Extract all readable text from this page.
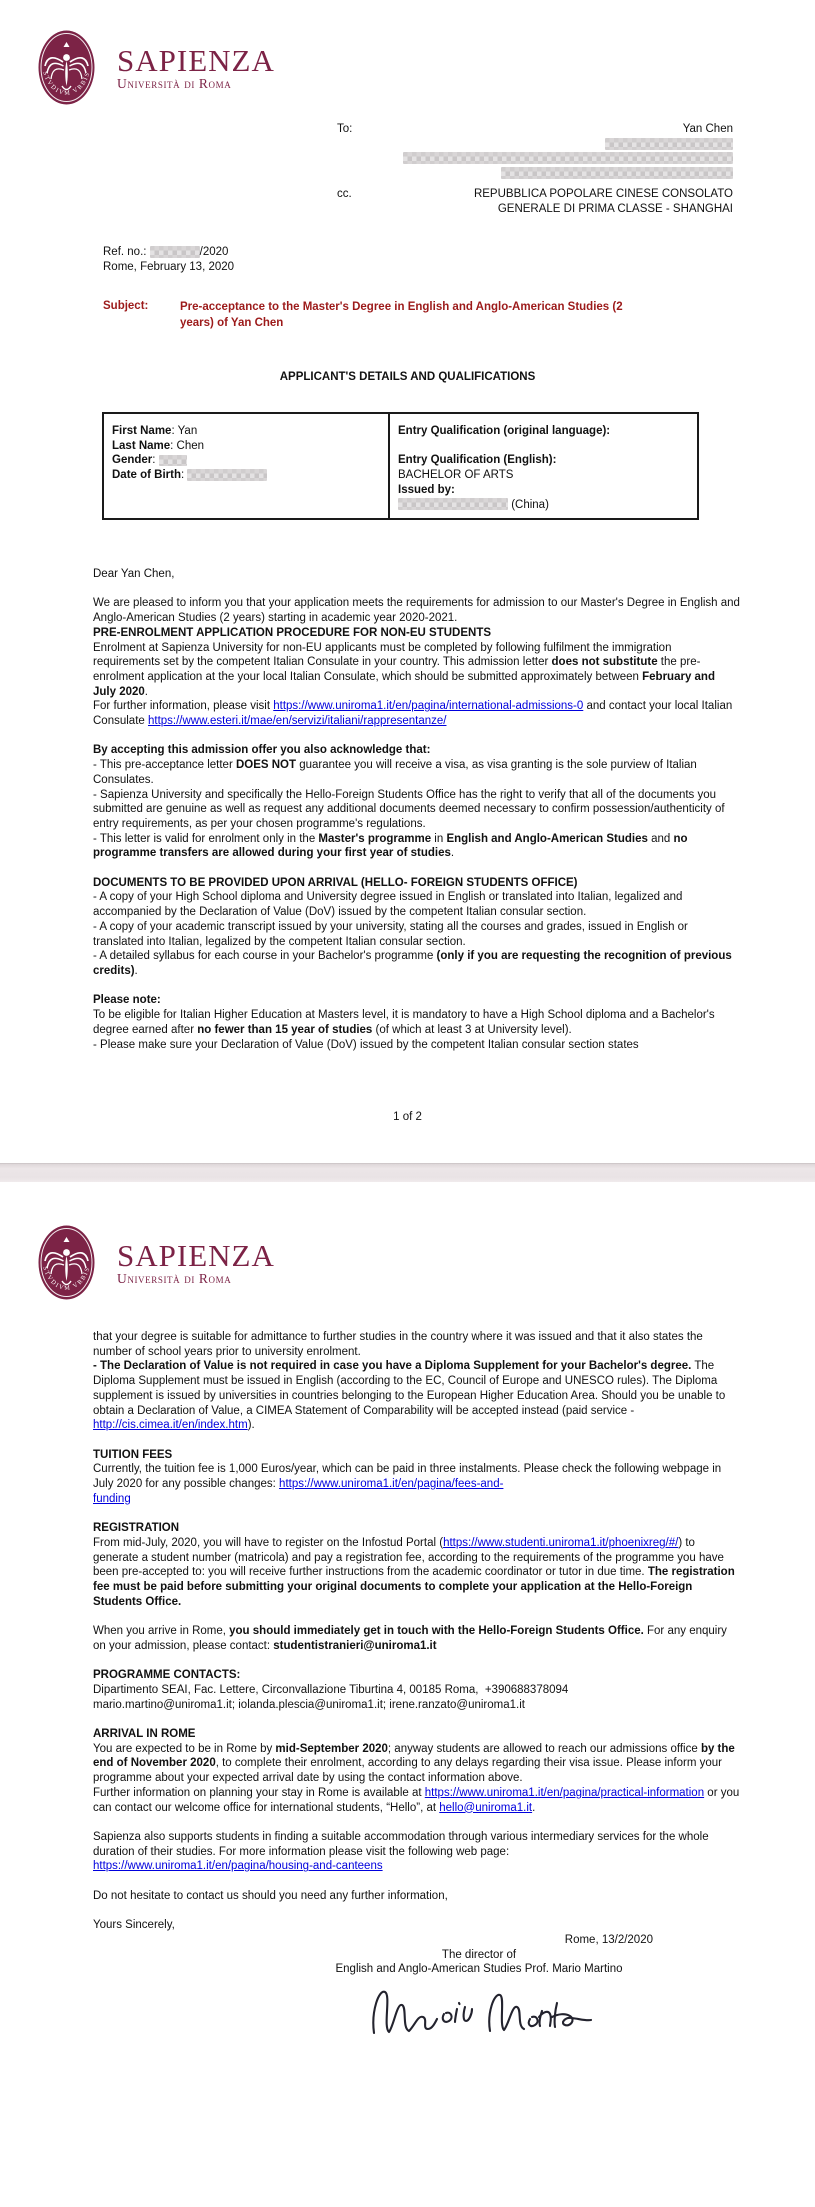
STVDIVM VRBIS SAPIENZA
Università di Roma
To:	Yan Chen

cc.	REPUBBLICA POPOLARE CINESE CONSOLATO

GENERALE DI PRIMA CLASSE - SHANGHAI

Ref. no.:	/2020

Rome, February 13, 2020

Subject:	Pre-acceptance to the Master's Degree in English and Anglo-American Studies (2 years) of Yan Chen
APPLICANT'S DETAILS AND QUALIFICATIONS

First Name: Yan

Last Name: Chen

Gender:

Date of Birth:

Entry Qualification (original language):

Entry Qualification (English):

BACHELOR OF ARTS

Issued by:

(China)

Dear Yan Chen,

We are pleased to inform you that your application meets the requirements for admission to our Master's Degree in English and Anglo-American Studies (2 years) starting in academic year 2020-2021.

PRE-ENROLMENT APPLICATION PROCEDURE FOR NON-EU STUDENTS

Enrolment at Sapienza University for non-EU applicants must be completed by following fulfilment the immigration requirements set by the competent Italian Consulate in your country. This admission letter does not substitute the pre-enrolment application at the your local Italian Consulate, which should be submitted approximately between February and July 2020.

For further information, please visit https://www.uniroma1.it/en/pagina/international-admissions-0 and contact your local Italian Consulate https://www.esteri.it/mae/en/servizi/italiani/rappresentanze/

By accepting this admission offer you also acknowledge that:

- This pre-acceptance letter DOES NOT guarantee you will receive a visa, as visa granting is the sole purview of Italian Consulates.

- Sapienza University and specifically the Hello-Foreign Students Office has the right to verify that all of the documents you submitted are genuine as well as request any additional documents deemed necessary to confirm possession/authenticity of entry requirements, as per your chosen programme's regulations.

- This letter is valid for enrolment only in the Master's programme in English and Anglo-American Studies and no programme transfers are allowed during your first year of studies.

DOCUMENTS TO BE PROVIDED UPON ARRIVAL (HELLO- FOREIGN STUDENTS OFFICE)

- A copy of your High School diploma and University degree issued in English or translated into Italian, legalized and accompanied by the Declaration of Value (DoV) issued by the competent Italian consular section.

- A copy of your academic transcript issued by your university, stating all the courses and grades, issued in English or translated into Italian, legalized by the competent Italian consular section.

- A detailed syllabus for each course in your Bachelor's programme (only if you are requesting the recognition of previous credits).

Please note:

To be eligible for Italian Higher Education at Masters level, it is mandatory to have a High School diploma and a Bachelor's degree earned after no fewer than 15 year of studies (of which at least 3 at University level).

- Please make sure your Declaration of Value (DoV) issued by the competent Italian consular section states

1 of 2
STVDIVM VRBIS SAPIENZA
Università di Roma

that your degree is suitable for admittance to further studies in the country where it was issued and that it also states the number of school years prior to university enrolment.

- The Declaration of Value is not required in case you have a Diploma Supplement for your Bachelor's degree. The Diploma Supplement must be issued in English (according to the EC, Council of Europe and UNESCO rules). The Diploma supplement is issued by universities in countries belonging to the European Higher Education Area. Should you be unable to obtain a Declaration of Value, a CIMEA Statement of Comparability will be accepted instead (paid service - http://cis.cimea.it/en/index.htm).

TUITION FEES

Currently, the tuition fee is 1,000 Euros/year, which can be paid in three instalments. Please check the following webpage in July 2020 for any possible changes: https://www.uniroma1.it/en/pagina/fees-and-
funding

REGISTRATION

From mid-July, 2020, you will have to register on the Infostud Portal (https://www.studenti.uniroma1.it/phoenixreg/#/) to generate a student number (matricola) and pay a registration fee, according to the requirements of the programme you have been pre-accepted to: you will receive further instructions from the academic coordinator or tutor in due time. The registration fee must be paid before submitting your original documents to complete your application at the Hello-Foreign Students Office.

When you arrive in Rome, you should immediately get in touch with the Hello-Foreign Students Office. For any enquiry on your admission, please contact: studentistranieri@uniroma1.it

PROGRAMME CONTACTS:

Dipartimento SEAI, Fac. Lettere, Circonvallazione Tiburtina 4, 00185 Roma,  +390688378094

mario.martino@uniroma1.it; iolanda.plescia@uniroma1.it; irene.ranzato@uniroma1.it

ARRIVAL IN ROME

You are expected to be in Rome by mid-September 2020; anyway students are allowed to reach our admissions office by the end of November 2020, to complete their enrolment, according to any delays regarding their visa issue. Please inform your programme about your expected arrival date by using the contact information above.

Further information on planning your stay in Rome is available at https://www.uniroma1.it/en/pagina/practical-information or you can contact our welcome office for international students, “Hello”, at hello@uniroma1.it.

Sapienza also supports students in finding a suitable accommodation through various intermediary services for the whole duration of their studies. For more information please visit the following web page:

https://www.uniroma1.it/en/pagina/housing-and-canteens

Do not hesitate to contact us should you need any further information,

Yours Sincerely,

Rome, 13/2/2020

The director of

English and Anglo-American Studies Prof. Mario Martino
